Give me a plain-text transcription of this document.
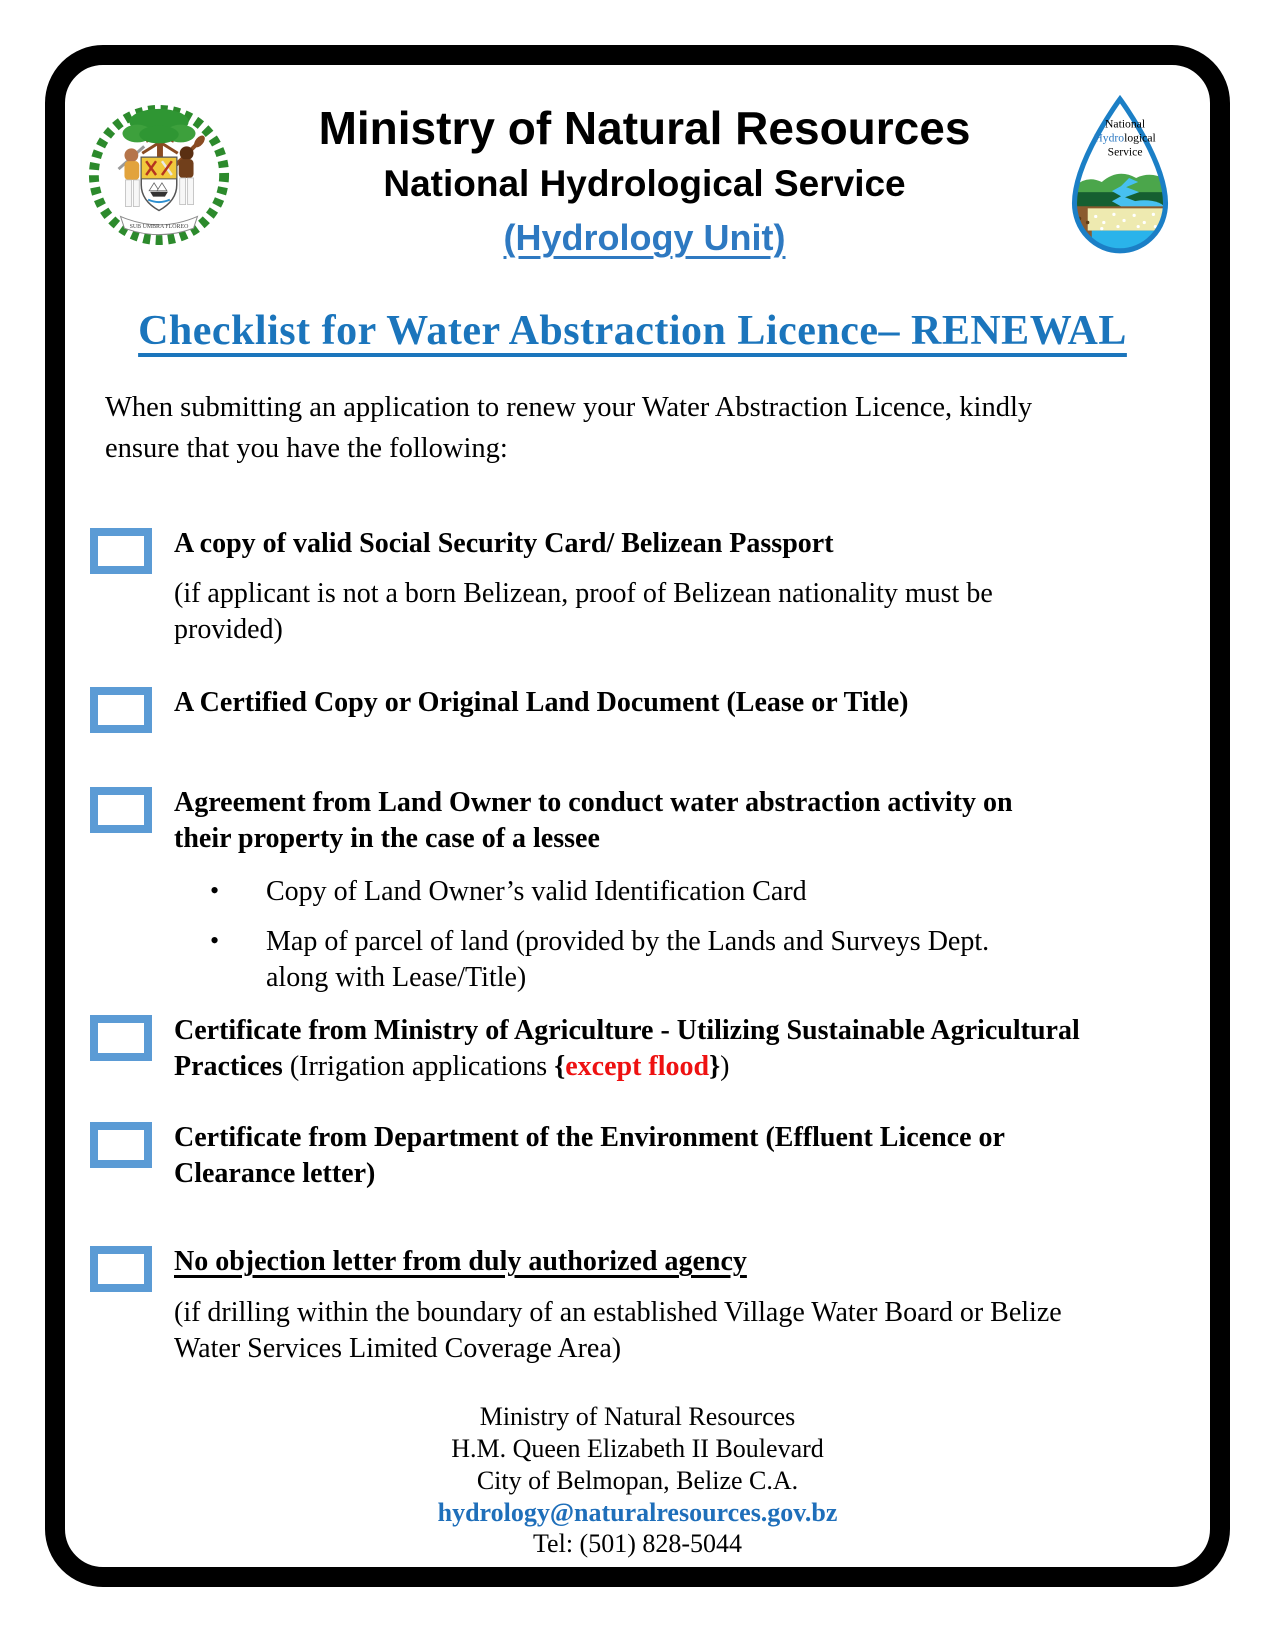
SUB UMBRA FLOREO
Ministry of Natural Resources
National Hydrological Service
(Hydrology Unit)
National
Hydrological
Service
Checklist for Water Abstraction Licence– RENEWAL

When submitting an application to renew your Water Abstraction Licence, kindly ensure that you have the following:

A copy of valid Social Security Card/ Belizean Passport
(if applicant is not a born Belizean, proof of Belizean nationality must be provided)
A Certified Copy or Original Land Document (Lease or Title)
Agreement from Land Owner to conduct water abstraction activity on their property in the case of a lessee
•	Copy of Land Owner’s valid Identification Card
•	Map of parcel of land (provided by the Lands and Surveys Dept. along with Lease/Title)
Certificate from Ministry of Agriculture - Utilizing Sustainable Agricultural Practices (Irrigation applications {except flood})
Certificate from Department of the Environment (Effluent Licence or Clearance letter)
No objection letter from duly authorized agency
(if drilling within the boundary of an established Village Water Board or Belize Water Services Limited Coverage Area)
Ministry of Natural Resources
H.M. Queen Elizabeth II Boulevard
City of Belmopan, Belize C.A.
hydrology@naturalresources.gov.bz
Tel: (501) 828-5044
